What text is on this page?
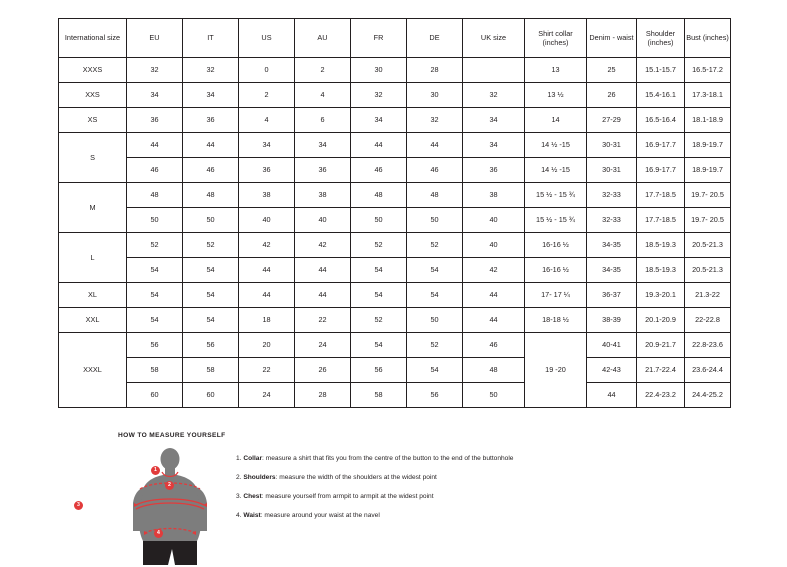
International size	EU	IT	US	AU	FR	DE	UK size	Shirt collar (inches)	Denim - waist	Shoulder (inches)	Bust (inches)
XXXS	32	32	0	2	30	28		13	25	15.1-15.7	16.5-17.2
XXS	34	34	2	4	32	30	32	13 ½	26	15.4-16.1	17.3-18.1
XS	36	36	4	6	34	32	34	14	27-29	16.5-16.4	18.1-18.9
S	44	44	34	34	44	44	34	14 ½ -15	30-31	16.9-17.7	18.9-19.7
	46	46	36	36	46	46	36	14 ½ -15	30-31	16.9-17.7	18.9-19.7
M	48	48	38	38	48	48	38	15 ½ - 15 ¾	32-33	17.7-18.5	19.7- 20.5
	50	50	40	40	50	50	40	15 ½ - 15 ¾	32-33	17.7-18.5	19.7- 20.5
L	52	52	42	42	52	52	40	16-16 ½	34-35	18.5-19.3	20.5-21.3
	54	54	44	44	54	54	42	16-16 ½	34-35	18.5-19.3	20.5-21.3
XL	54	54	44	44	54	54	44	17- 17 ¼	36-37	19.3-20.1	21.3-22
XXL	54	54	18	22	52	50	44	18-18 ½	38-39	20.1-20.9	22-22.8
XXXL	56	56	20	24	54	52	46	19 -20	40-41	20.9-21.7	22.8-23.6
	58	58	22	26	56	54	48		42-43	21.7-22.4	23.6-24.4
	60	60	24	28	58	56	50		44	22.4-23.2	24.4-25.2
HOW TO MEASURE YOURSELF
1
2
3
4

1. Collar: measure a shirt that fits you from the centre of the button to the end of the buttonhole

2. Shoulders: measure the width of the shoulders at the widest point

3. Chest: measure yourself from armpit to armpit at the widest point

4. Waist: measure around your waist at the navel
